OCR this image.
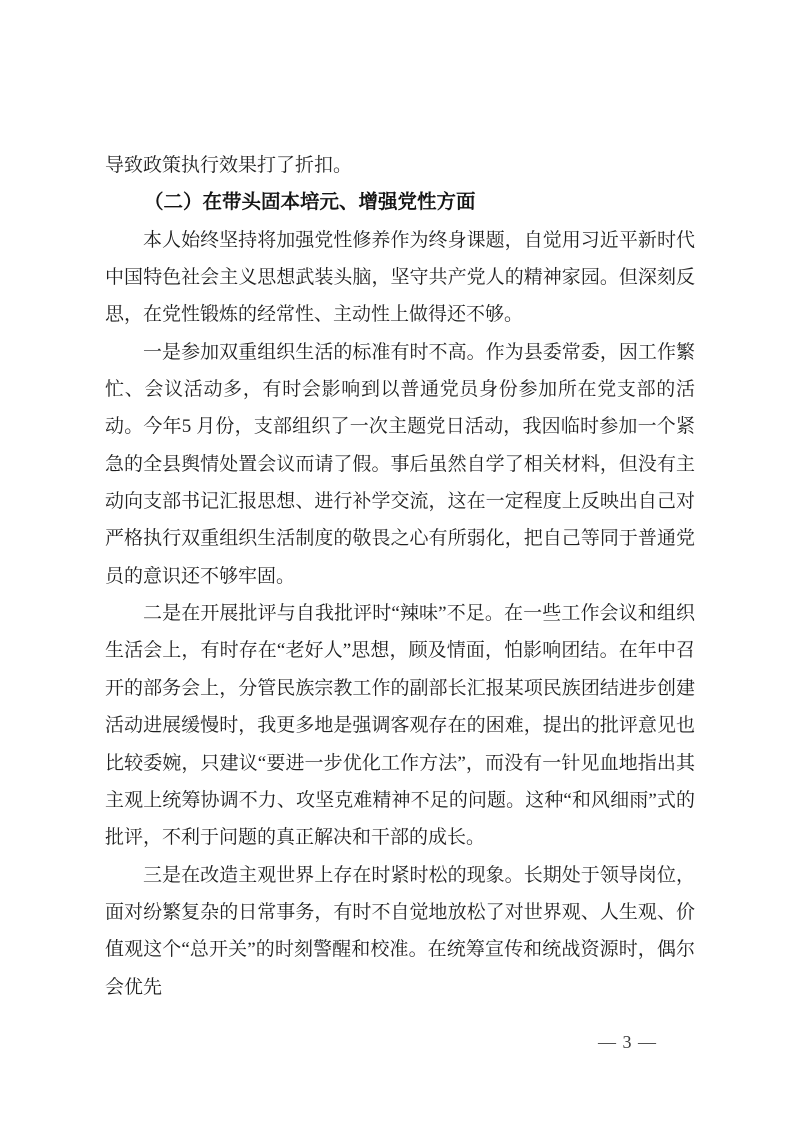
导致政策执行效果打了折扣。

（二）在带头固本培元、增强党性方面

本人始终坚持将加强党性修养作为终身课题，自觉用习近平新时代中国特色社会主义思想武装头脑，坚守共产党人的精神家园。但深刻反思，在党性锻炼的经常性、主动性上做得还不够。

一是参加双重组织生活的标准有时不高。作为县委常委，因工作繁忙、会议活动多，有时会影响到以普通党员身份参加所在党支部的活动。今年5 月份，支部组织了一次主题党日活动，我因临时参加一个紧急的全县舆情处置会议而请了假。事后虽然自学了相关材料，但没有主动向支部书记汇报思想、进行补学交流，这在一定程度上反映出自己对严格执行双重组织生活制度的敬畏之心有所弱化，把自己等同于普通党员的意识还不够牢固。

二是在开展批评与自我批评时“辣味”不足。在一些工作会议和组织生活会上，有时存在“老好人”思想，顾及情面，怕影响团结。在年中召开的部务会上，分管民族宗教工作的副部长汇报某项民族团结进步创建活动进展缓慢时，我更多地是强调客观存在的困难，提出的批评意见也比较委婉，只建议“要进一步优化工作方法”，而没有一针见血地指出其主观上统筹协调不力、攻坚克难精神不足的问题。这种“和风细雨”式的批评，不利于问题的真正解决和干部的成长。

三是在改造主观世界上存在时紧时松的现象。长期处于领导岗位，面对纷繁复杂的日常事务，有时不自觉地放松了对世界观、人生观、价值观这个“总开关”的时刻警醒和校准。在统筹宣传和统战资源时，偶尔会优先

— 3 —
